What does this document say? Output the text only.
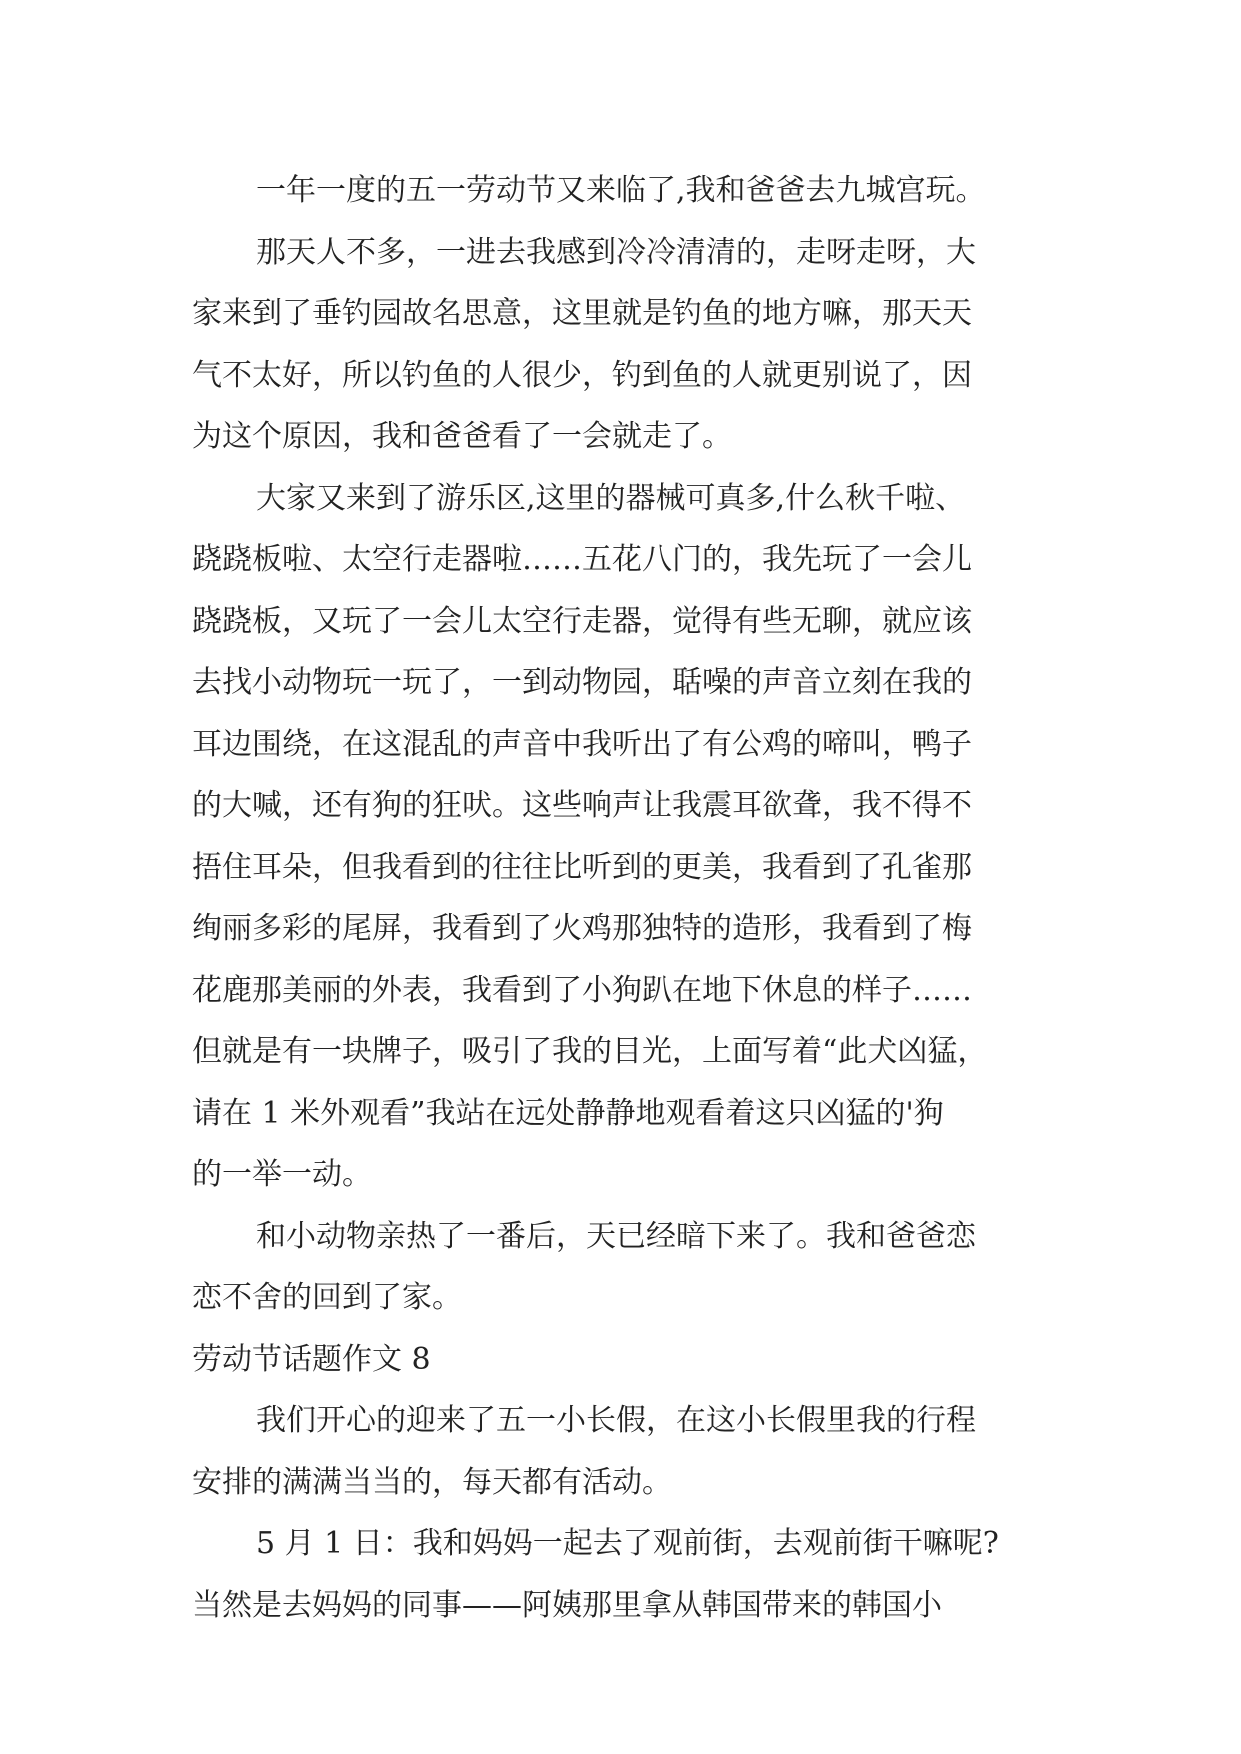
一年一度的五一劳动节又来临了,我和爸爸去九城宫玩。
那天人不多，一进去我感到冷冷清清的，走呀走呀，大
家来到了垂钓园故名思意，这里就是钓鱼的地方嘛，那天天
气不太好，所以钓鱼的人很少，钓到鱼的人就更别说了，因
为这个原因，我和爸爸看了一会就走了。
大家又来到了游乐区,这里的器械可真多,什么秋千啦、
跷跷板啦、太空行走器啦……五花八门的，我先玩了一会儿
跷跷板，又玩了一会儿太空行走器，觉得有些无聊，就应该
去找小动物玩一玩了，一到动物园，聒噪的声音立刻在我的
耳边围绕，在这混乱的声音中我听出了有公鸡的啼叫，鸭子
的大喊，还有狗的狂吠。这些响声让我震耳欲聋，我不得不
捂住耳朵，但我看到的往往比听到的更美，我看到了孔雀那
绚丽多彩的尾屏，我看到了火鸡那独特的造形，我看到了梅
花鹿那美丽的外表，我看到了小狗趴在地下休息的样子……
但就是有一块牌子，吸引了我的目光，上面写着“此犬凶猛，
请在 1 米外观看”我站在远处静静地观看着这只凶猛的'狗
的一举一动。
和小动物亲热了一番后，天已经暗下来了。我和爸爸恋
恋不舍的回到了家。
劳动节话题作文 8
我们开心的迎来了五一小长假，在这小长假里我的行程
安排的满满当当的，每天都有活动。
5 月 1 日：我和妈妈一起去了观前街，去观前街干嘛呢?
当然是去妈妈的同事——阿姨那里拿从韩国带来的韩国小
